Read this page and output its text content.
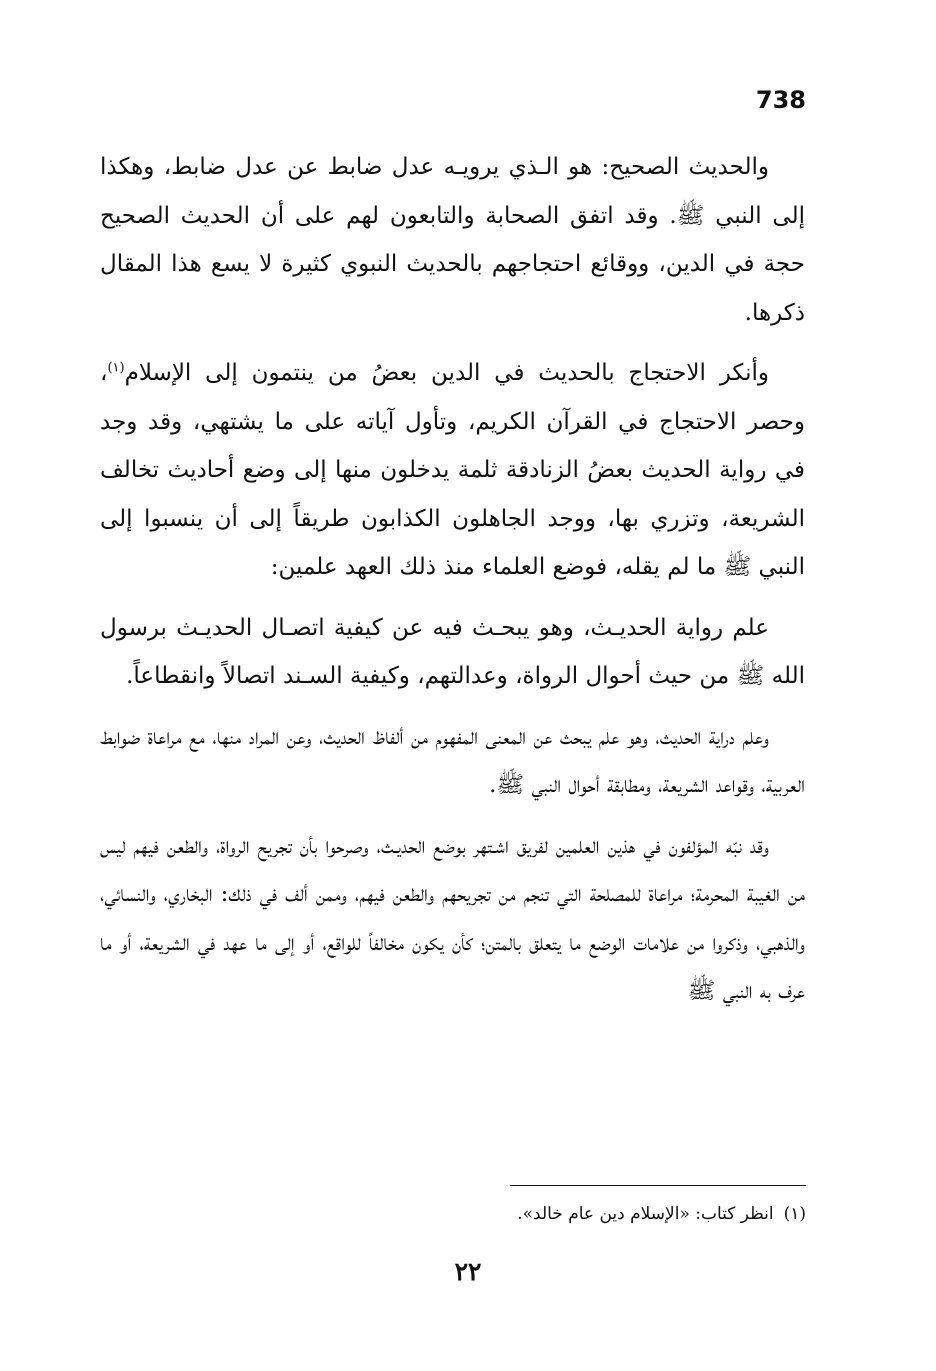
738

والحديث الصحيح: هو الـذي يرويـه عدل ضابط عن عدل ضابط، وهكذا إلى النبي ﷺ. وقد اتفق الصحابة والتابعون لهم على أن الحديث الصحيح حجة في الدين، ووقائع احتجاجهم بالحديث النبوي كثيرة لا يسع هذا المقال ذكرها.

وأنكر الاحتجاج بالحديث في الدين بعضُ من ينتمون إلى الإسلام$^{(١)}$، وحصر الاحتجاج في القرآن الكريم، وتأول آياته على ما يشتهي، وقد وجد في رواية الحديث بعضُ الزنادقة ثلمة يدخلون منها إلى وضع أحاديث تخالف الشريعة، وتزري بها، ووجد الجاهلون الكذابون طريقاً إلى أن ينسبوا إلى النبي ﷺ ما لم يقله، فوضع العلماء منذ ذلك العهد علمين:

علم رواية الحديـث، وهو يبحـث فيه عن كيفية اتصـال الحديـث برسول الله ﷺ من حيث أحوال الرواة، وعدالتهم، وكيفية السـند اتصالاً وانقطاعاً.

وعلم دراية الحديث، وهو علم يبحث عن المعنى المفهوم من ألفاظ الحديث، وعن المراد منها، مع مراعاة ضوابط العربية، وقواعد الشريعة، ومطابقة أحوال النبي ﷺ.

وقد نبّه المؤلفون في هذين العلمين لفريق اشـتهر بوضع الحديـث، وصرحوا بأن تجريح الرواة، والطعن فيهم ليس من الغيبة المحرمة؛ مراعاة للمصلحة التي تنجم من تجريحهم والطعن فيهم، وممن ألف في ذلك: البخاري، والنسائي، والذهبي، وذكروا من علامات الوضع ما يتعلق بالمتن؛ كأن يكون مخالفاً للواقع، أو إلى ما عهد في الشريعة، أو ما عرف به النبي ﷺ

(١)انظر كتاب: «الإسلام دين عام خالد».
٢٢
